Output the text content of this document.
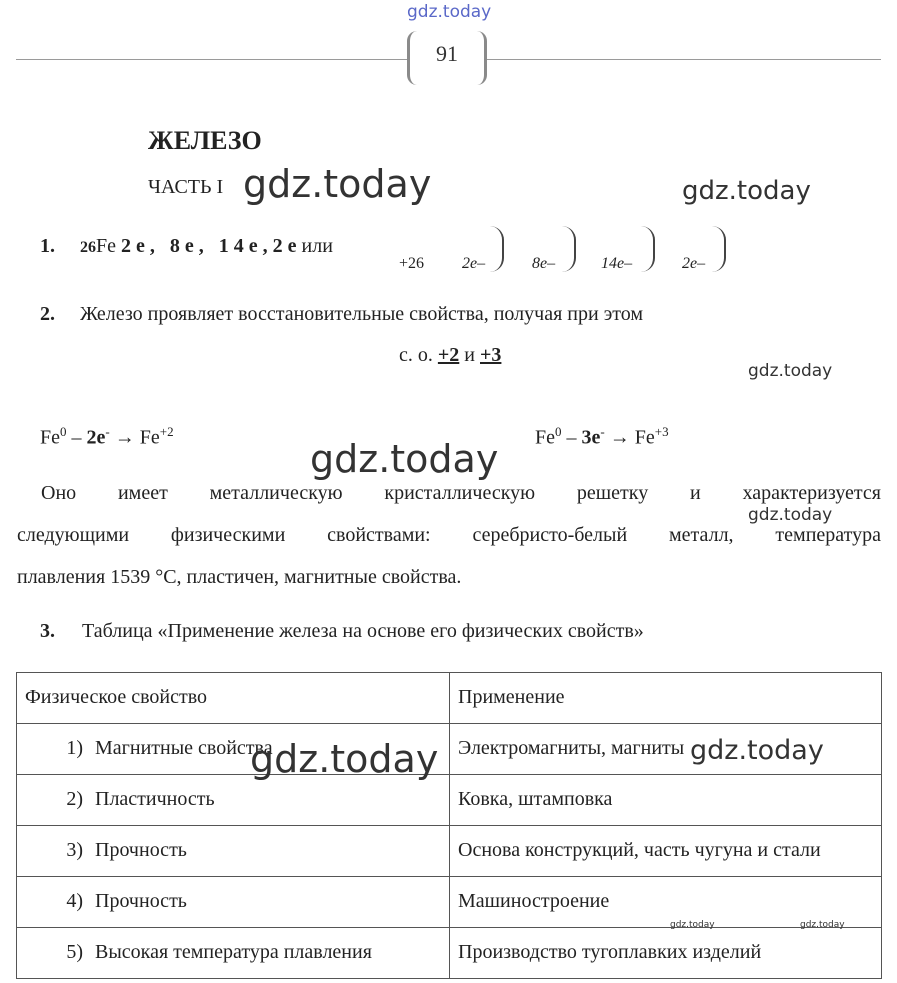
91
gdz.today
gdz.today	gdz.today
gdz.today
gdz.today
gdz.today
gdz.today	gdz.today
gdz.today	gdz.today
ЖЕЛЕЗО
ЧАСТЬ I
1. 26Fe 2 е ,   8 е ,   1 4 е , 2 е или
+26 2e–	8e–	14e–	2e–
2. Железо проявляет восстановительные свойства, получая при этом
с. о. +2 и +3
$Fe^0 - 2e^- \to Fe^{+2}$	$Fe^0 - 3e^- \to Fe^{+3}$
Оно имеет металлическую кристаллическую решетку и характеризуется
следующими физическими свойствами: серебристо-белый металл, температура
плавления 1539 °С, пластичен, магнитные свойства.
3. Таблица «Применение железа на основе его физических свойств»
Физическое свойство	Применение
1) Магнитные свойства	Электромагниты, магниты
2) Пластичность	Ковка, штамповка
3) Прочность	Основа конструкций, часть чугуна и стали
4) Прочность	Машиностроение
5) Высокая температура плавления	Производство тугоплавких изделий
